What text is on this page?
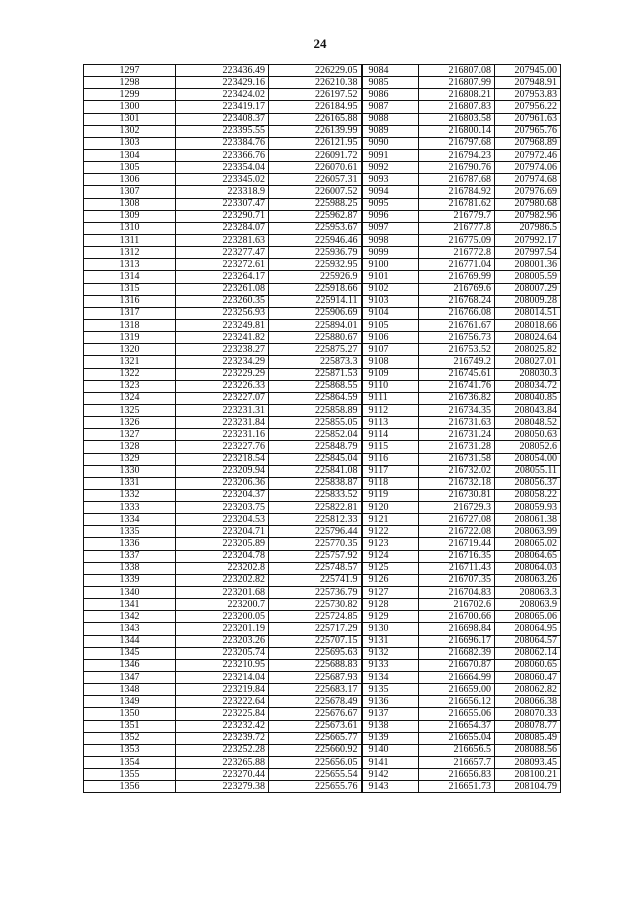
24
1297	223436.49	226229.05	9084	216807.08	207945.00
1298	223429.16	226210.38	9085	216807.99	207948.91
1299	223424.02	226197.52	9086	216808.21	207953.83
1300	223419.17	226184.95	9087	216807.83	207956.22
1301	223408.37	226165.88	9088	216803.58	207961.63
1302	223395.55	226139.99	9089	216800.14	207965.76
1303	223384.76	226121.95	9090	216797.68	207968.89
1304	223366.76	226091.72	9091	216794.23	207972.46
1305	223354.04	226070.61	9092	216790.76	207974.06
1306	223345.02	226057.31	9093	216787.68	207974.68
1307	223318.9	226007.52	9094	216784.92	207976.69
1308	223307.47	225988.25	9095	216781.62	207980.68
1309	223290.71	225962.87	9096	216779.7	207982.96
1310	223284.07	225953.67	9097	216777.8	207986.5
1311	223281.63	225946.46	9098	216775.09	207992.17
1312	223277.47	225936.79	9099	216772.8	207997.54
1313	223272.61	225932.95	9100	216771.04	208001.36
1314	223264.17	225926.9	9101	216769.99	208005.59
1315	223261.08	225918.66	9102	216769.6	208007.29
1316	223260.35	225914.11	9103	216768.24	208009.28
1317	223256.93	225906.69	9104	216766.08	208014.51
1318	223249.81	225894.01	9105	216761.67	208018.66
1319	223241.82	225880.67	9106	216756.73	208024.64
1320	223238.27	225875.27	9107	216753.52	208025.82
1321	223234.29	225873.3	9108	216749.2	208027.01
1322	223229.29	225871.53	9109	216745.61	208030.3
1323	223226.33	225868.55	9110	216741.76	208034.72
1324	223227.07	225864.59	9111	216736.82	208040.85
1325	223231.31	225858.89	9112	216734.35	208043.84
1326	223231.84	225855.05	9113	216731.63	208048.52
1327	223231.16	225852.04	9114	216731.24	208050.63
1328	223227.76	225848.79	9115	216731.28	208052.6
1329	223218.54	225845.04	9116	216731.58	208054.00
1330	223209.94	225841.08	9117	216732.02	208055.11
1331	223206.36	225838.87	9118	216732.18	208056.37
1332	223204.37	225833.52	9119	216730.81	208058.22
1333	223203.75	225822.81	9120	216729.3	208059.93
1334	223204.53	225812.33	9121	216727.08	208061.38
1335	223204.71	225796.44	9122	216722.08	208063.99
1336	223205.89	225770.35	9123	216719.44	208065.02
1337	223204.78	225757.92	9124	216716.35	208064.65
1338	223202.8	225748.57	9125	216711.43	208064.03
1339	223202.82	225741.9	9126	216707.35	208063.26
1340	223201.68	225736.79	9127	216704.83	208063.3
1341	223200.7	225730.82	9128	216702.6	208063.9
1342	223200.05	225724.85	9129	216700.66	208065.06
1343	223201.19	225717.29	9130	216698.84	208064.95
1344	223203.26	225707.15	9131	216696.17	208064.57
1345	223205.74	225695.63	9132	216682.39	208062.14
1346	223210.95	225688.83	9133	216670.87	208060.65
1347	223214.04	225687.93	9134	216664.99	208060.47
1348	223219.84	225683.17	9135	216659.00	208062.82
1349	223222.64	225678.49	9136	216656.12	208066.38
1350	223225.84	225676.67	9137	216655.06	208070.33
1351	223232.42	225673.61	9138	216654.37	208078.77
1352	223239.72	225665.77	9139	216655.04	208085.49
1353	223252.28	225660.92	9140	216656.5	208088.56
1354	223265.88	225656.05	9141	216657.7	208093.45
1355	223270.44	225655.54	9142	216656.83	208100.21
1356	223279.38	225655.76	9143	216651.73	208104.79
